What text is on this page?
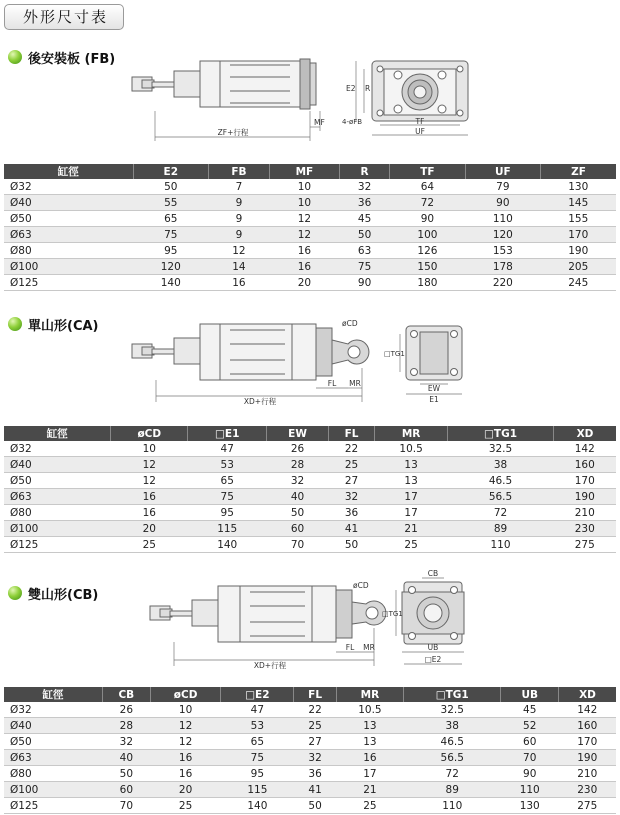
外形尺寸表
後安裝板 (FB)
ZF+行程
MF
E2 R
4-øFB	TF
UF
缸徑	E2	FB	MF	R	TF	UF	ZF
Ø32	50	7	10	32	64	79	130
Ø40	55	9	10	36	72	90	145
Ø50	65	9	12	45	90	110	155
Ø63	75	9	12	50	100	120	170
Ø80	95	12	16	63	126	153	190
Ø100	120	14	16	75	150	178	205
Ø125	140	16	20	90	180	220	245
單山形(CA)
XD+行程
FL MR
øCD
□TG1
EW
E1
缸徑	øCD	□E1	EW	FL	MR	□TG1	XD
Ø32	10	47	26	22	10.5	32.5	142
Ø40	12	53	28	25	13	38	160
Ø50	12	65	32	27	13	46.5	170
Ø63	16	75	40	32	17	56.5	190
Ø80	16	95	50	36	17	72	210
Ø100	20	115	60	41	21	89	230
Ø125	25	140	70	50	25	110	275
雙山形(CB)
XD+行程
FL MR
øCD
CB
□TG1
UB
□E2
缸徑	CB	øCD	□E2	FL	MR	□TG1	UB	XD
Ø32	26	10	47	22	10.5	32.5	45	142
Ø40	28	12	53	25	13	38	52	160
Ø50	32	12	65	27	13	46.5	60	170
Ø63	40	16	75	32	16	56.5	70	190
Ø80	50	16	95	36	17	72	90	210
Ø100	60	20	115	41	21	89	110	230
Ø125	70	25	140	50	25	110	130	275
